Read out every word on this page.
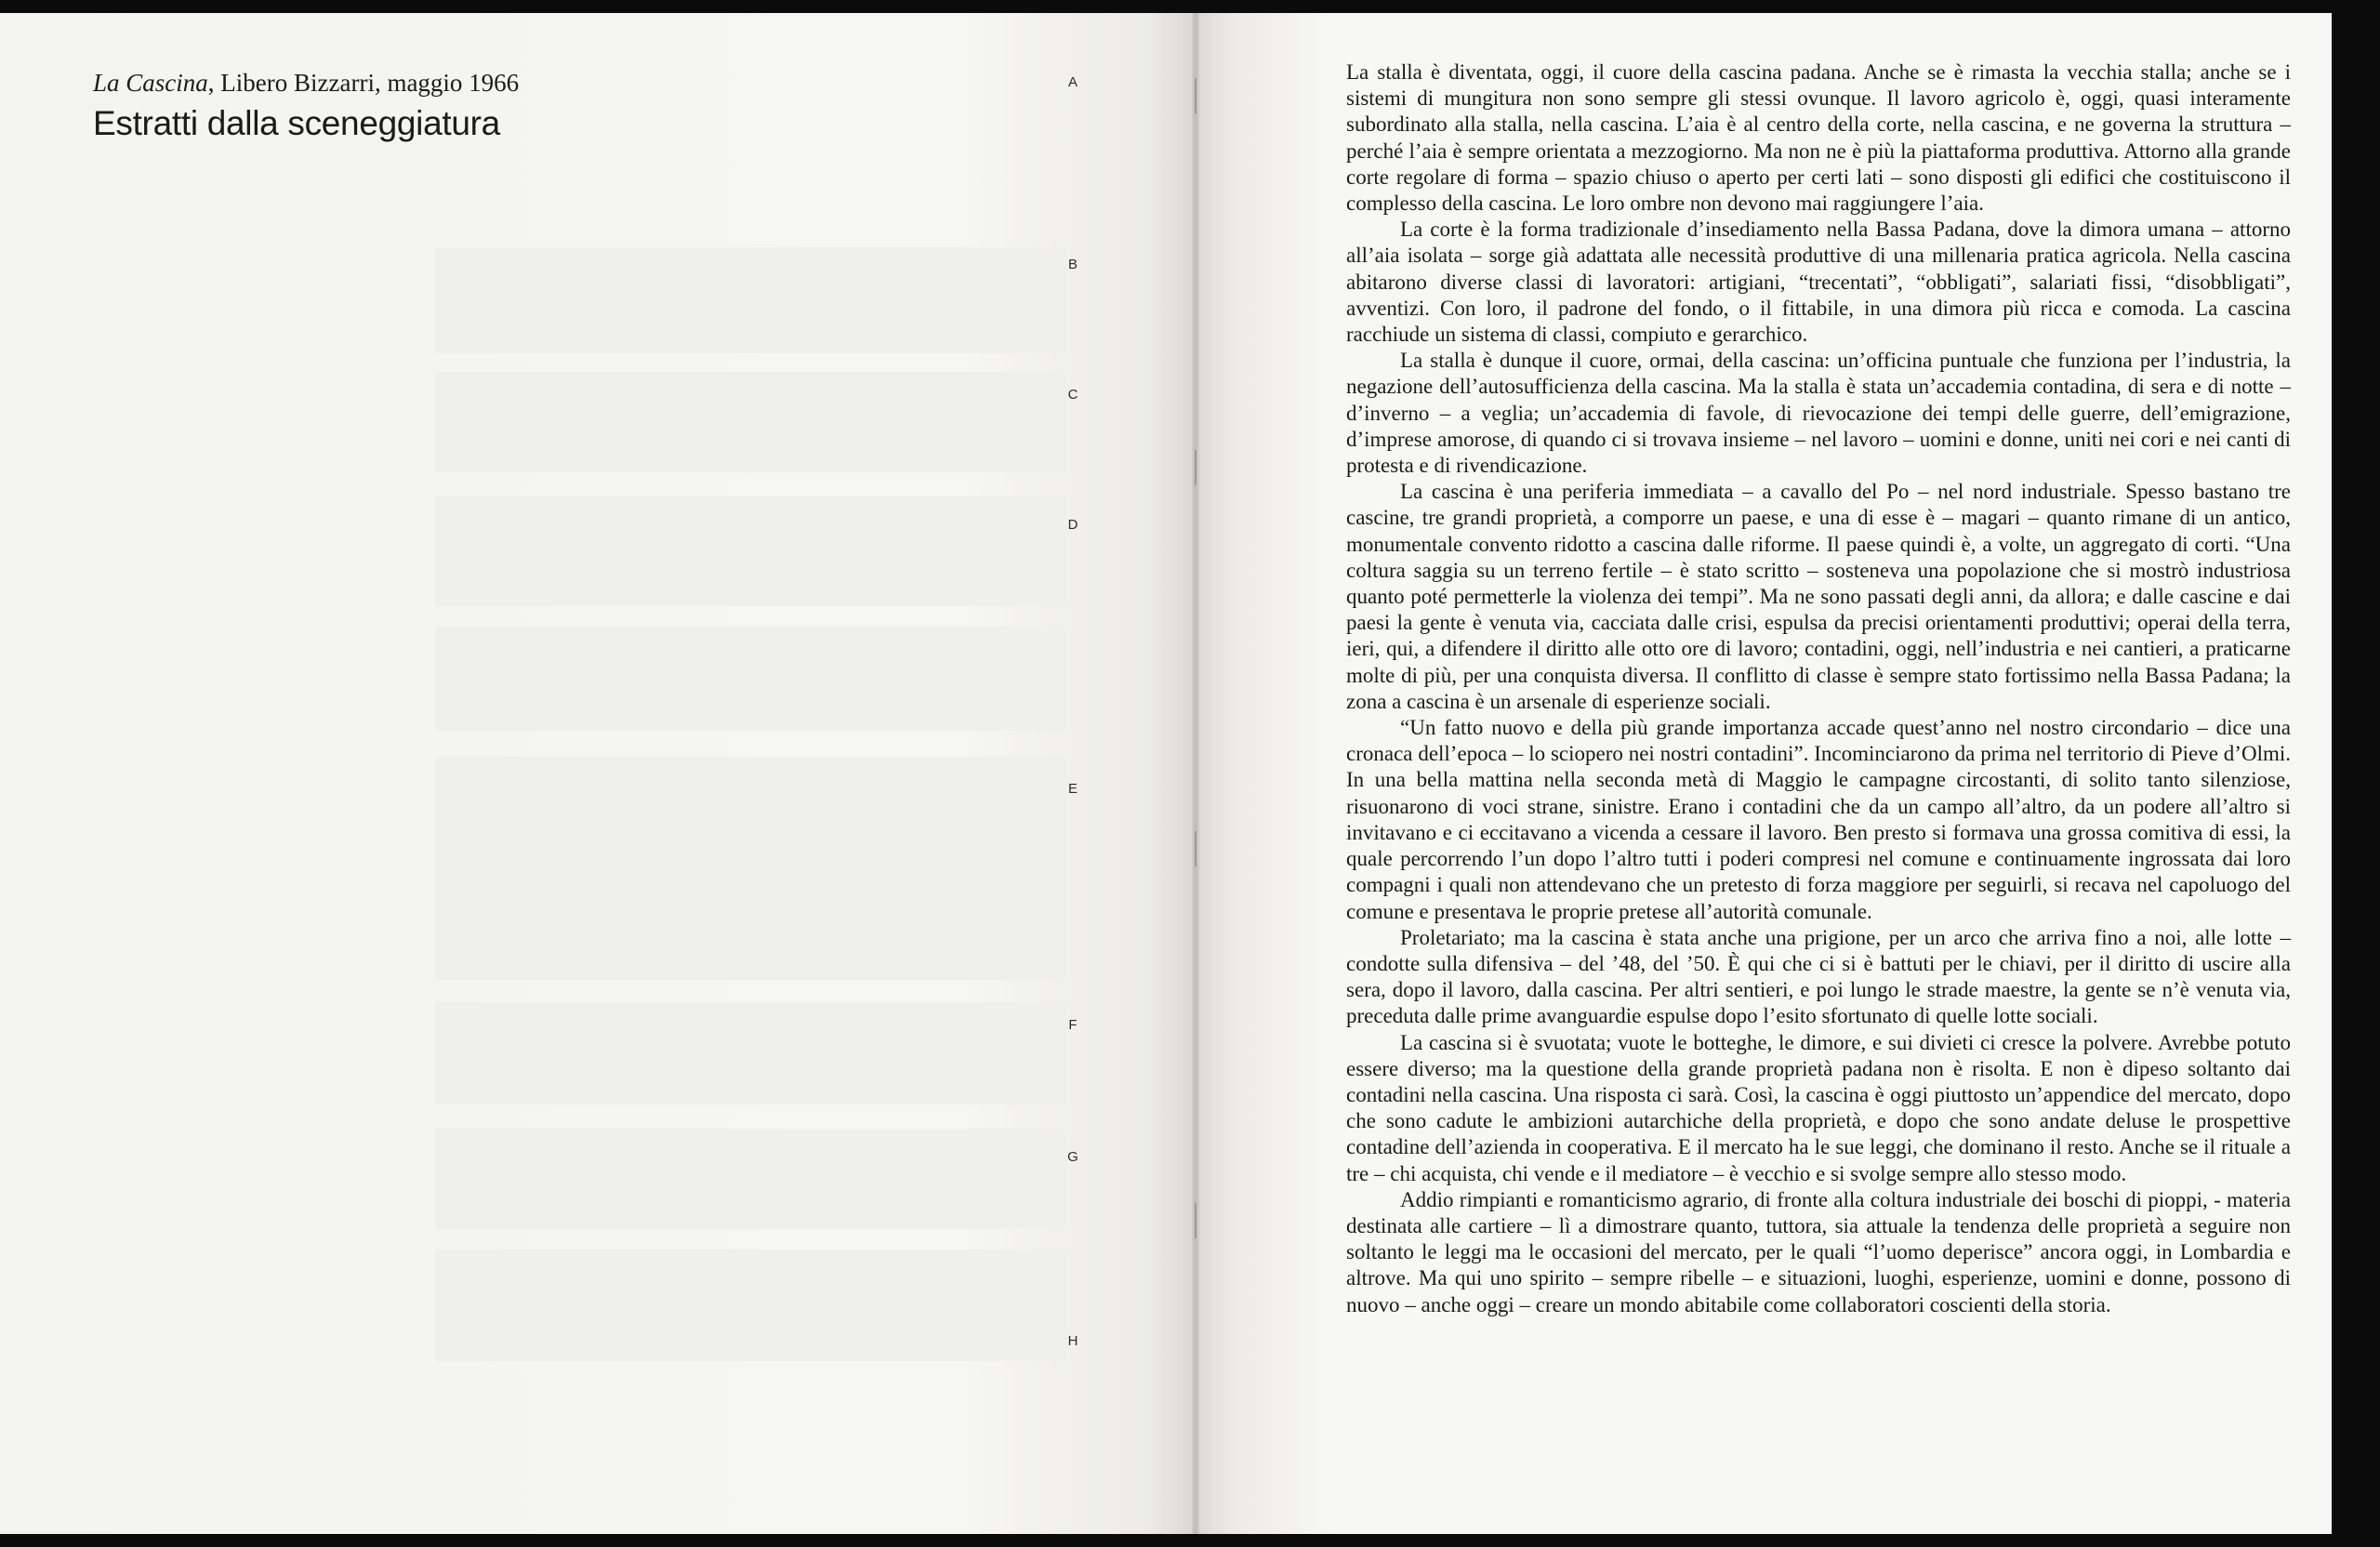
La Cascina, Libero Bizzarri, maggio 1966
Estratti dalla sceneggiatura
A
B
C
D
E
F
G
H

La stalla è diventata, oggi, il cuore della cascina padana. Anche se è rimasta la vecchia stalla; anche se i sistemi di mungitura non sono sempre gli stessi ovunque. Il lavoro agricolo è, oggi, quasi interamente subordinato alla stalla, nella cascina. L’aia è al centro della corte, nella cascina, e ne governa la struttura – perché l’aia è sempre orientata a mezzogiorno. Ma non ne è più la piattaforma produttiva. Attorno alla grande corte regolare di forma – spazio chiuso o aperto per certi lati – sono disposti gli edifici che costituiscono il complesso della cascina. Le loro ombre non devono mai raggiungere l’aia.

La corte è la forma tradizionale d’insediamento nella Bassa Padana, dove la dimora umana – attorno all’aia isolata – sorge già adattata alle necessità produttive di una millenaria pratica agricola. Nella cascina abitarono diverse classi di lavoratori: artigiani, “trecentati”, “obbligati”, salariati fissi, “disobbligati”, avventizi. Con loro, il padrone del fondo, o il fittabile, in una dimora più ricca e comoda. La cascina racchiude un sistema di classi, compiuto e gerarchico.

La stalla è dunque il cuore, ormai, della cascina: un’officina puntuale che funziona per l’industria, la negazione dell’autosufficienza della cascina. Ma la stalla è stata un’accademia contadina, di sera e di notte – d’inverno – a veglia; un’accademia di favole, di rievocazione dei tempi delle guerre, dell’emigrazione, d’imprese amorose, di quando ci si trovava insieme – nel lavoro – uomini e donne, uniti nei cori e nei canti di protesta e di rivendicazione.

La cascina è una periferia immediata – a cavallo del Po – nel nord industriale. Spesso bastano tre cascine, tre grandi proprietà, a comporre un paese, e una di esse è – magari – quanto rimane di un antico, monumentale convento ridotto a cascina dalle riforme. Il paese quindi è, a volte, un aggregato di corti. “Una coltura saggia su un terreno fertile – è stato scritto – sosteneva una popolazione che si mostrò industriosa quanto poté permetterle la violenza dei tempi”. Ma ne sono passati degli anni, da allora; e dalle cascine e dai paesi la gente è venuta via, cacciata dalle crisi, espulsa da precisi orientamenti produttivi; operai della terra, ieri, qui, a difendere il diritto alle otto ore di lavoro; contadini, oggi, nell’industria e nei cantieri, a praticarne molte di più, per una conquista diversa. Il conflitto di classe è sempre stato fortissimo nella Bassa Padana; la zona a cascina è un arsenale di esperienze sociali.

“Un fatto nuovo e della più grande importanza accade quest’anno nel nostro circondario – dice una cronaca dell’epoca – lo sciopero nei nostri contadini”. Incominciarono da prima nel territorio di Pieve d’Olmi. In una bella mattina nella seconda metà di Maggio le campagne circostanti, di solito tanto silenziose, risuonarono di voci strane, sinistre. Erano i contadini che da un campo all’altro, da un podere all’altro si invitavano e ci eccitavano a vicenda a cessare il lavoro. Ben presto si formava una grossa comitiva di essi, la quale percorrendo l’un dopo l’altro tutti i poderi compresi nel comune e continuamente ingrossata dai loro compagni i quali non attendevano che un pretesto di forza maggiore per seguirli, si recava nel capoluogo del comune e presentava le proprie pretese all’autorità comunale.

Proletariato; ma la cascina è stata anche una prigione, per un arco che arriva fino a noi, alle lotte – condotte sulla difensiva – del ’48, del ’50. È qui che ci si è battuti per le chiavi, per il diritto di uscire alla sera, dopo il lavoro, dalla cascina. Per altri sentieri, e poi lungo le strade maestre, la gente se n’è venuta via, preceduta dalle prime avanguardie espulse dopo l’esito sfortunato di quelle lotte sociali.

La cascina si è svuotata; vuote le botteghe, le dimore, e sui divieti ci cresce la polvere. Avrebbe potuto essere diverso; ma la questione della grande proprietà padana non è risolta. E non è dipeso soltanto dai contadini nella cascina. Una risposta ci sarà. Così, la cascina è oggi piuttosto un’appendice del mercato, dopo che sono cadute le ambizioni autarchiche della proprietà, e dopo che sono andate deluse le prospettive contadine dell’azienda in cooperativa. E il mercato ha le sue leggi, che dominano il resto. Anche se il rituale a tre – chi acquista, chi vende e il mediatore – è vecchio e si svolge sempre allo stesso modo.

Addio rimpianti e romanticismo agrario, di fronte alla coltura industriale dei boschi di pioppi, - materia destinata alle cartiere – lì a dimostrare quanto, tuttora, sia attuale la tendenza delle proprietà a seguire non soltanto le leggi ma le occasioni del mercato, per le quali “l’uomo deperisce” ancora oggi, in Lombardia e altrove. Ma qui uno spirito – sempre ribelle – e situazioni, luoghi, esperienze, uomini e donne, possono di nuovo – anche oggi – creare un mondo abitabile come collaboratori coscienti della storia.
